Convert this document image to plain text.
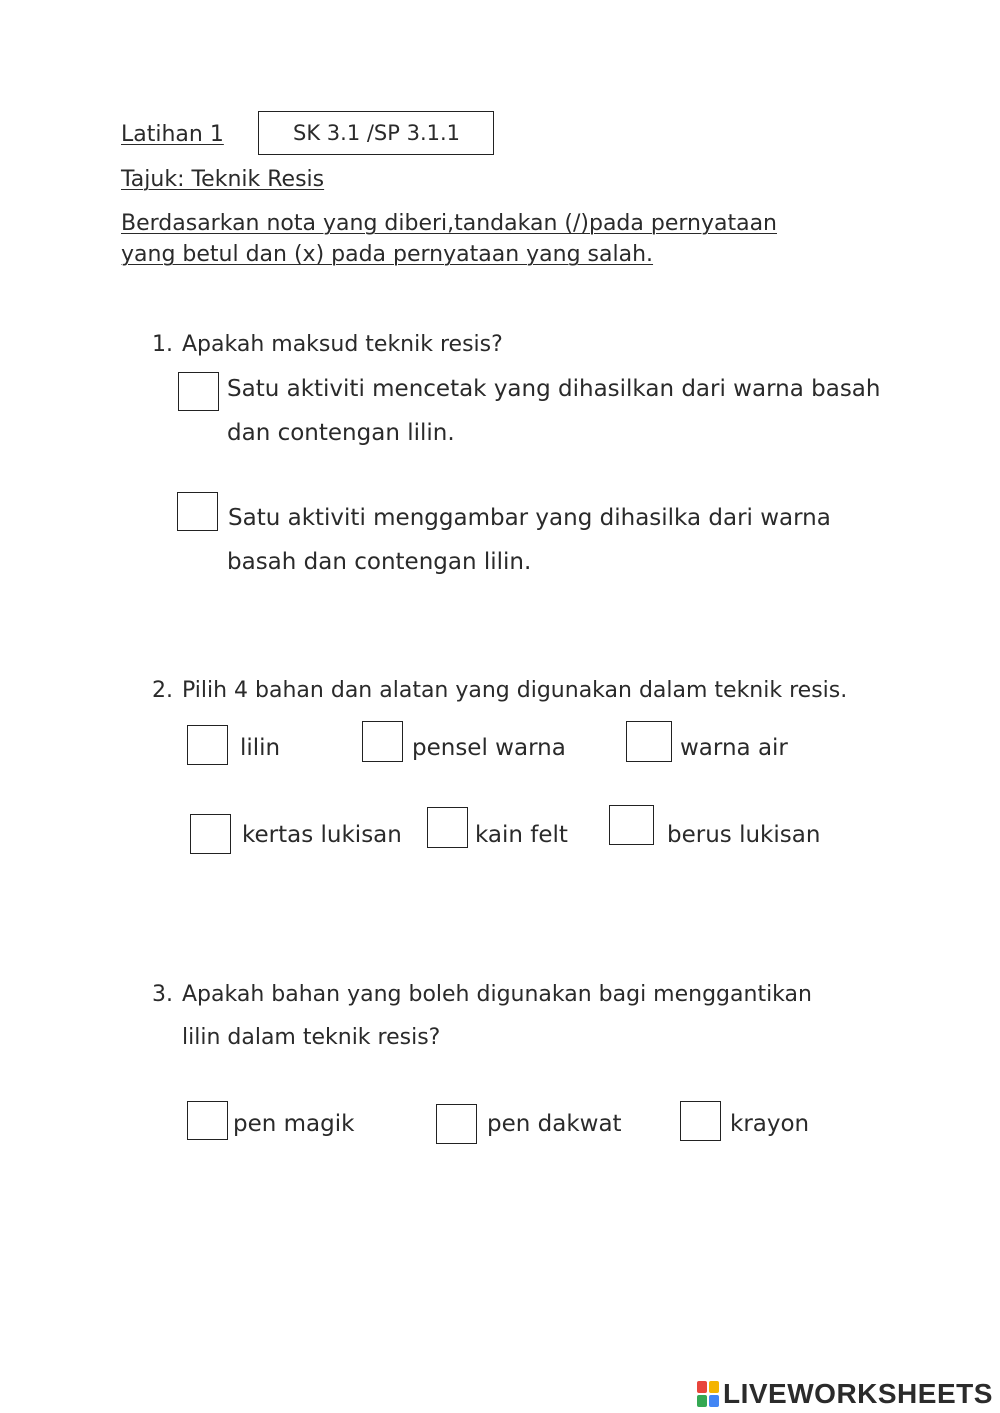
Latihan 1	SK 3.1 /SP 3.1.1
Tajuk: Teknik Resis
Berdasarkan nota yang diberi,tandakan (/)pada pernyataan
yang betul dan (x) pada pernyataan yang salah.
1. Apakah maksud teknik resis?
Satu aktiviti mencetak yang dihasilkan dari warna basah
dan contengan lilin.
Satu aktiviti menggambar yang dihasilka dari warna
basah dan contengan lilin.
2. Pilih 4 bahan dan alatan yang digunakan dalam teknik resis.
lilin	pensel warna	warna air
kertas lukisan	kain felt	berus lukisan
3. Apakah bahan yang boleh digunakan bagi menggantikan
lilin dalam teknik resis?
pen magik	pen dakwat	krayon
LIVEWORKSHEETS
